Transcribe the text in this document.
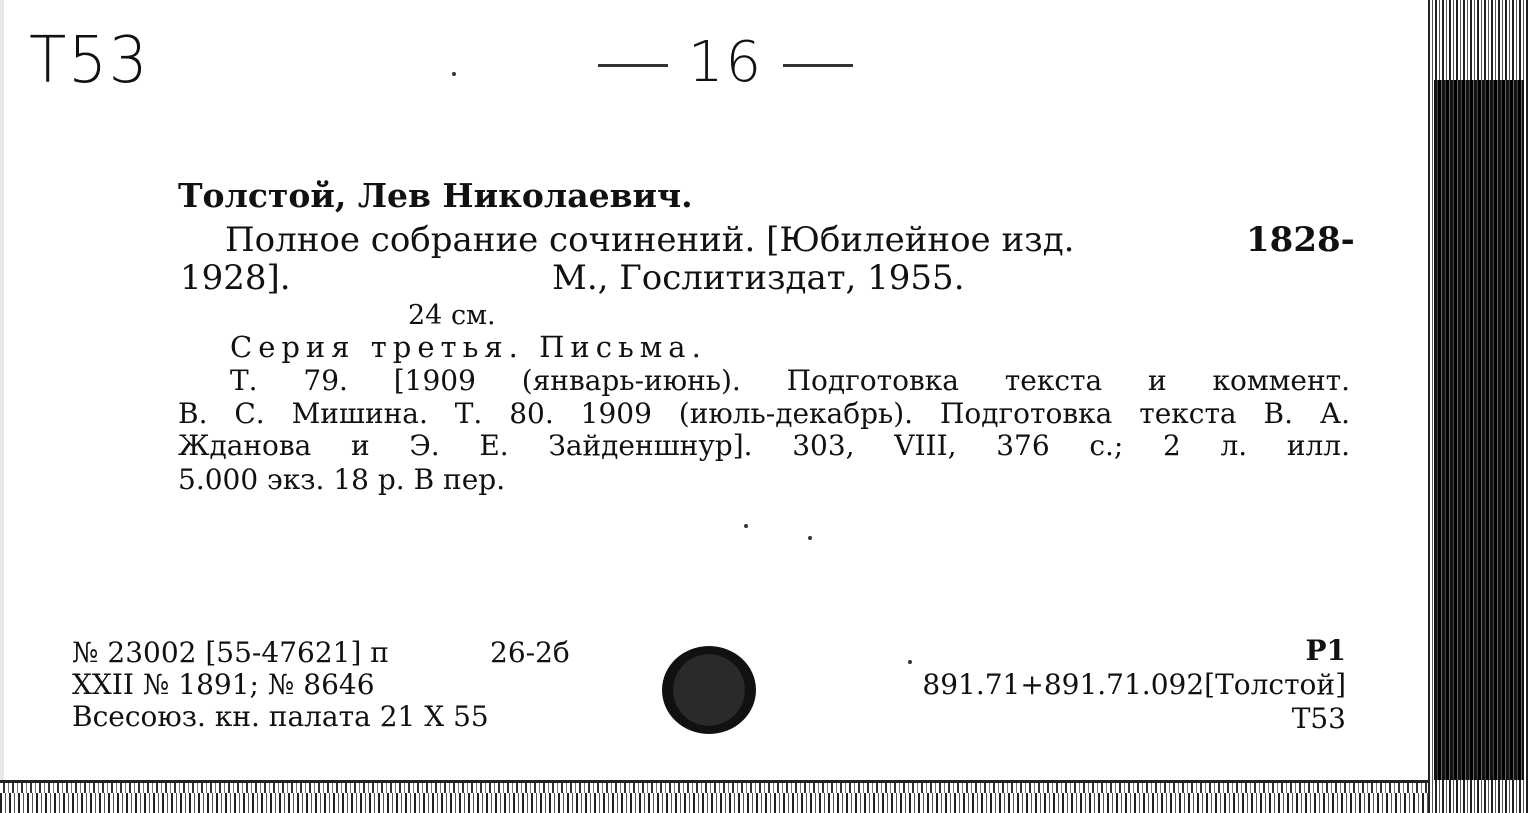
T53	16
Толстой, Лев Николаевич.
Полное собрание сочинений. [Юбилейное изд.	1828-
1928].	М., Гослитиздат, 1955.
24 см.
Серия третья. Письма.
Т. 79. [1909 (январь-июнь). Подготовка текста и коммент.
В. С. Мишина. Т. 80. 1909 (июль-декабрь). Подготовка текста В. А.
Жданова и Э. Е. Зайденшнур]. 303, VIII, 376 с.; 2 л. илл.
5.000 экз. 18 р. В пер.
№ 23002 [55-47621] п	26-2б
XXII № 1891; № 8646
Всесоюз. кн. палата 21 X 55
Р1
891.71+891.71.092[Толстой]
Т53
